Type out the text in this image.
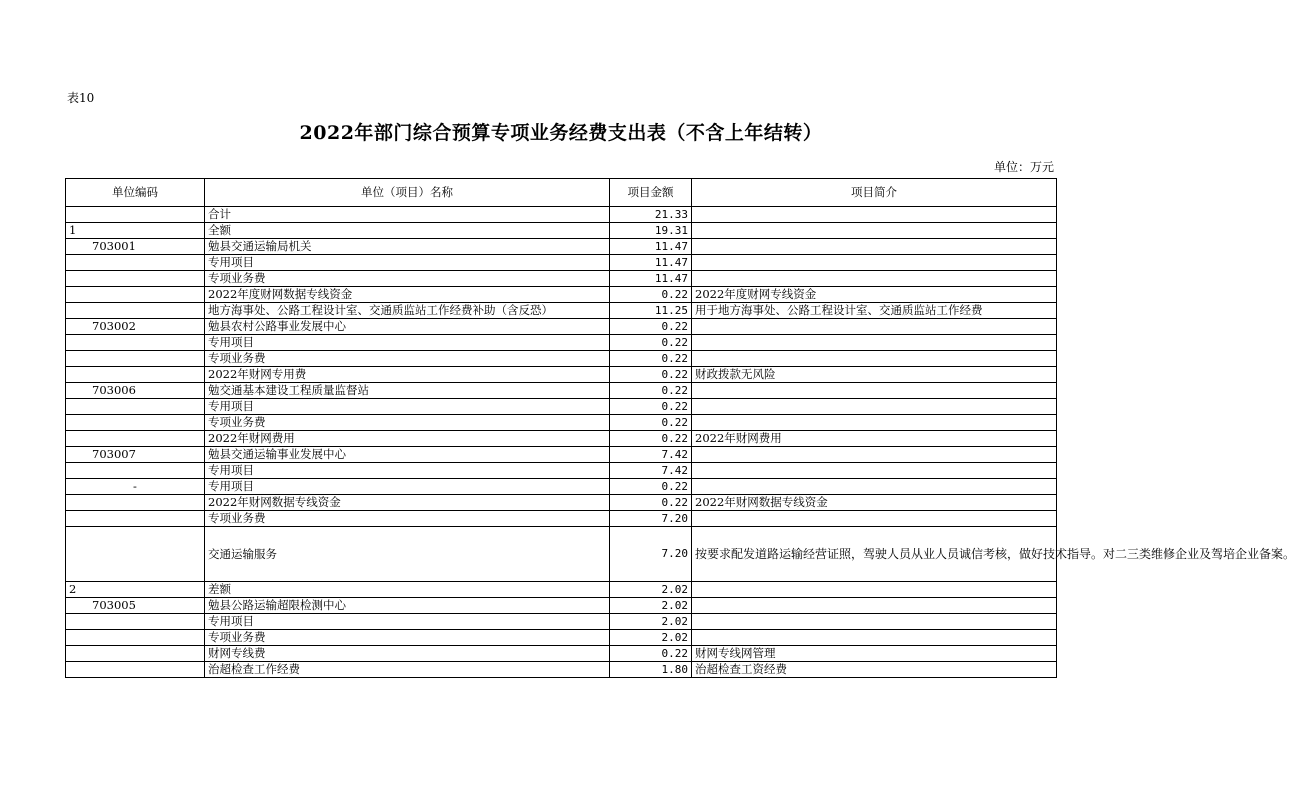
表10
2022年部门综合预算专项业务经费支出表（不含上年结转）
单位：万元
单位编码	单位（项目）名称	项目金额	项目简介
	合计	21.33	
1	全额	19.31	
703001	勉县交通运输局机关	11.47	
	专用项目	11.47	
	专项业务费	11.47	
	2022年度财网数据专线资金	0.22	2022年度财网专线资金
	地方海事处、公路工程设计室、交通质监站工作经费补助（含反恐）	11.25	用于地方海事处、公路工程设计室、交通质监站工作经费
703002	勉县农村公路事业发展中心	0.22	
	专用项目	0.22	
	专项业务费	0.22	
	2022年财网专用费	0.22	财政拨款无风险
703006	勉交通基本建设工程质量监督站	0.22	
	专用项目	0.22	
	专项业务费	0.22	
	2022年财网费用	0.22	2022年财网费用
703007	勉县交通运输事业发展中心	7.42	
	专用项目	7.42	
-	专用项目	0.22	
	2022年财网数据专线资金	0.22	2022年财网数据专线资金
	专项业务费	7.20	
	交通运输服务	7.20	按要求配发道路运输经营证照，驾驶人员从业人员诚信考核，做好技术指导。对二三类维修企业及驾培企业备案。
2	差额	2.02	
703005	勉县公路运输超限检测中心	2.02	
	专用项目	2.02	
	专项业务费	2.02	
	财网专线费	0.22	财网专线网管理
	治超检查工作经费	1.80	治超检查工资经费
